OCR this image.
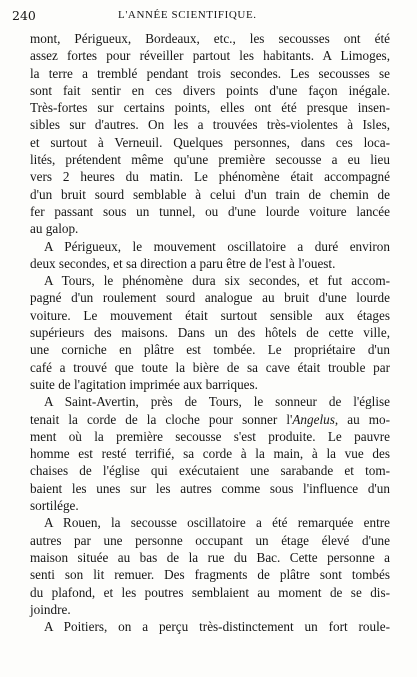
240	L'ANNÉE SCIENTIFIQUE.
mont, Périgueux, Bordeaux, etc., les secousses ont été
assez fortes pour réveiller partout les habitants. A Limoges,
la terre a tremblé pendant trois secondes. Les secousses se
sont fait sentir en ces divers points d'une façon inégale.
Très-fortes sur certains points, elles ont été presque insen-
sibles sur d'autres. On les a trouvées très-violentes à Isles,
et surtout à Verneuil. Quelques personnes, dans ces loca-
lités, prétendent même qu'une première secousse a eu lieu
vers 2 heures du matin. Le phénomène était accompagné
d'un bruit sourd semblable à celui d'un train de chemin de
fer passant sous un tunnel, ou d'une lourde voiture lancée
au galop.
A Périgueux, le mouvement oscillatoire a duré environ
deux secondes, et sa direction a paru être de l'est à l'ouest.
A Tours, le phénomène dura six secondes, et fut accom-
pagné d'un roulement sourd analogue au bruit d'une lourde
voiture. Le mouvement était surtout sensible aux étages
supérieurs des maisons. Dans un des hôtels de cette ville,
une corniche en plâtre est tombée. Le propriétaire d'un
café a trouvé que toute la bière de sa cave était trouble par
suite de l'agitation imprimée aux barriques.
A Saint-Avertin, près de Tours, le sonneur de l'église
tenait la corde de la cloche pour sonner l'Angelus, au mo-
ment où la première secousse s'est produite. Le pauvre
homme est resté terrifié, sa corde à la main, à la vue des
chaises de l'église qui exécutaient une sarabande et tom-
baient les unes sur les autres comme sous l'influence d'un
sortilége.
A Rouen, la secousse oscillatoire a été remarquée entre
autres par une personne occupant un étage élevé d'une
maison située au bas de la rue du Bac. Cette personne a
senti son lit remuer. Des fragments de plâtre sont tombés
du plafond, et les poutres semblaient au moment de se dis-
joindre.
A Poitiers, on a perçu très-distinctement un fort roule-
